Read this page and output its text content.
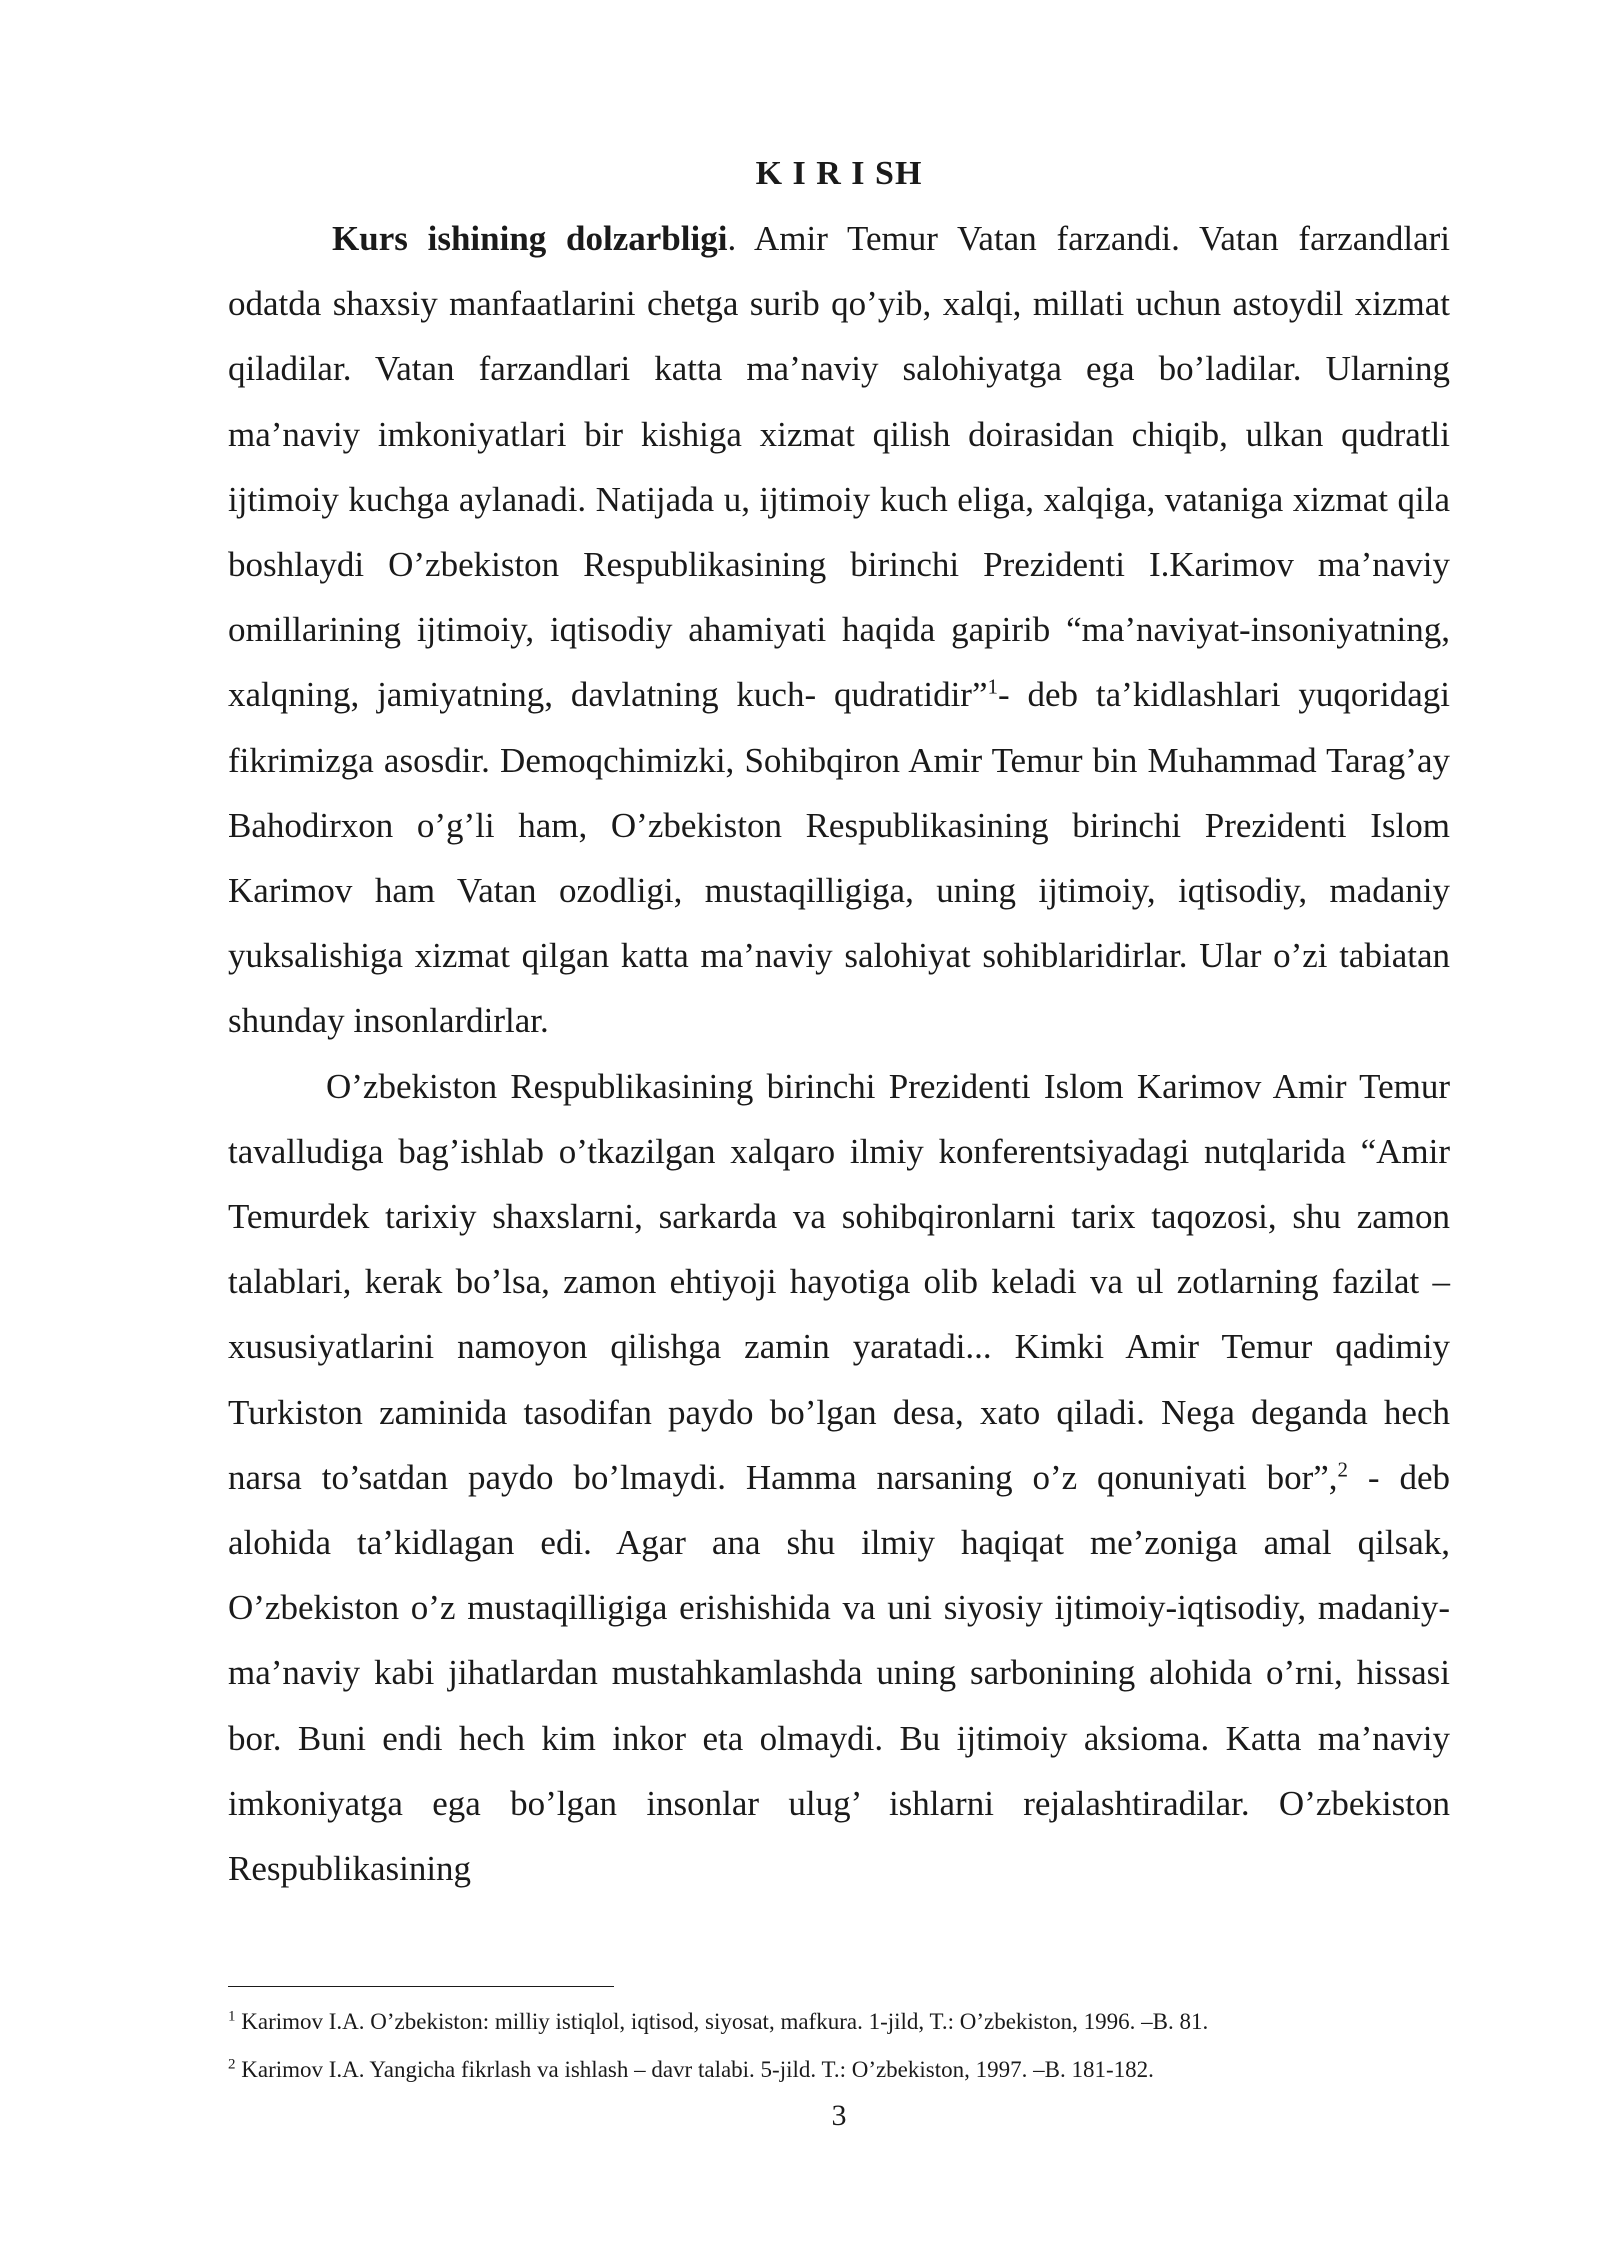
K I R I SH

Kurs ishining dolzarbligi. Amir Temur Vatan farzandi. Vatan farzandlari odatda shaxsiy manfaatlarini chetga surib qo’yib, xalqi, millati uchun astoydil xizmat qiladilar. Vatan farzandlari katta ma’naviy salohiyatga ega bo’ladilar. Ularning ma’naviy imkoniyatlari bir kishiga xizmat qilish doirasidan chiqib, ulkan qudratli ijtimoiy kuchga aylanadi. Natijada u, ijtimoiy kuch eliga, xalqiga, vataniga xizmat qila boshlaydi O’zbekiston Respublikasining birinchi Prezidenti I.Karimov ma’naviy omillarining ijtimoiy, iqtisodiy ahamiyati haqida gapirib “ma’naviyat-insoniyatning, xalqning, jamiyatning, davlatning kuch- qudratidir”$^1$- deb ta’kidlashlari yuqoridagi fikrimizga asosdir. Demoqchimizki, Sohibqiron Amir Temur bin Muhammad Tarag’ay Bahodirxon o’g’li ham, O’zbekiston Respublikasining birinchi Prezidenti Islom Karimov ham Vatan ozodligi, mustaqilligiga, uning ijtimoiy, iqtisodiy, madaniy yuksalishiga xizmat qilgan katta ma’naviy salohiyat sohiblaridirlar. Ular o’zi tabiatan shunday insonlardirlar.

O’zbekiston Respublikasining birinchi Prezidenti Islom Karimov Amir Temur tavalludiga bag’ishlab o’tkazilgan xalqaro ilmiy konferentsiyadagi nutqlarida “Amir Temurdek tarixiy shaxslarni, sarkarda va sohibqironlarni tarix taqozosi, shu zamon talablari, kerak bo’lsa, zamon ehtiyoji hayotiga olib keladi va ul zotlarning fazilat – xususiyatlarini namoyon qilishga zamin yaratadi... Kimki Amir Temur qadimiy Turkiston zaminida tasodifan paydo bo’lgan desa, xato qiladi. Nega deganda hech narsa to’satdan paydo bo’lmaydi. Hamma narsaning o’z qonuniyati bor”,$^2$ - deb alohida ta’kidlagan edi. Agar ana shu ilmiy haqiqat me’zoniga amal qilsak, O’zbekiston o’z mustaqilligiga erishishida va uni siyosiy ijtimoiy-iqtisodiy, madaniy-ma’naviy kabi jihatlardan mustahkamlashda uning sarbonining alohida o’rni, hissasi bor. Buni endi hech kim inkor eta olmaydi. Bu ijtimoiy aksioma. Katta ma’naviy imkoniyatga ega bo’lgan insonlar ulug’ ishlarni rejalashtiradilar. O’zbekiston Respublikasining

$^1$ Karimov I.A. O’zbekiston: milliy istiqlol, iqtisod, siyosat, mafkura. 1-jild, T.: O’zbekiston, 1996. –B. 81.

$^2$ Karimov I.A. Yangicha fikrlash va ishlash – davr talabi. 5-jild. T.: O’zbekiston, 1997. –B. 181-182.

3
